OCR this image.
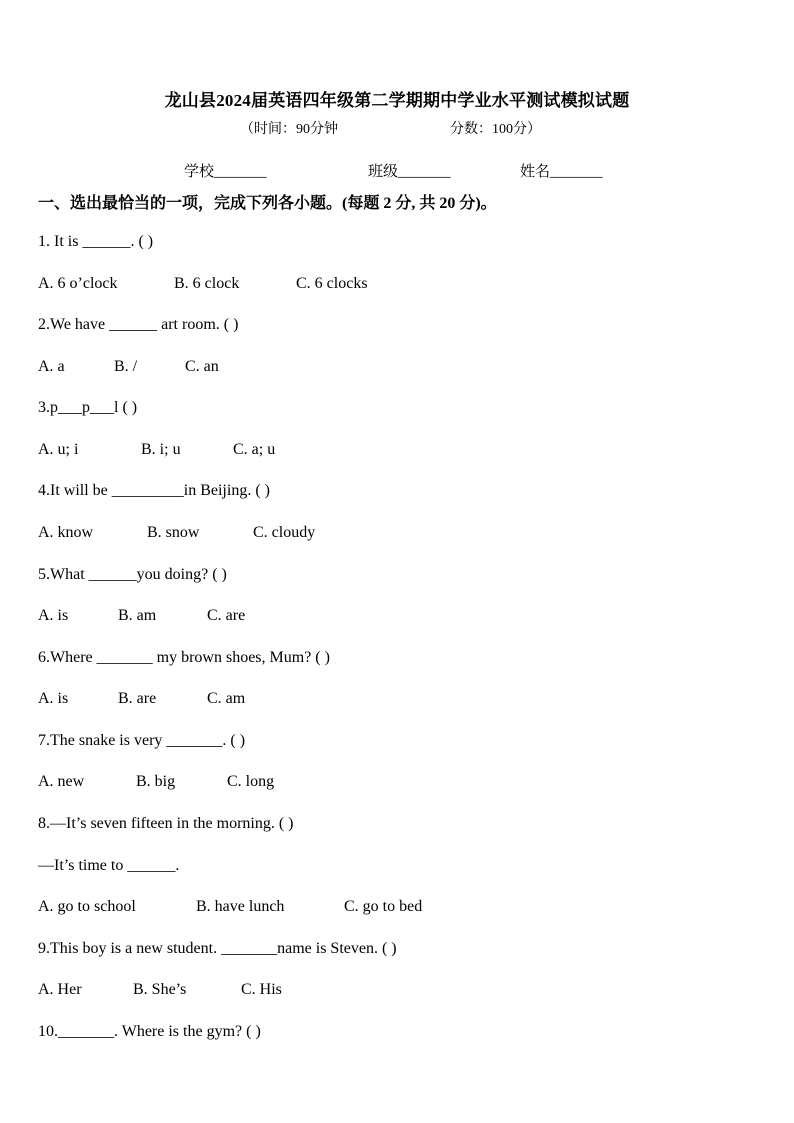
龙山县2024届英语四年级第二学期期中学业水平测试模拟试题
（时间：90分钟	分数：100分）
学校_______	班级_______	姓名_______
一、选出最恰当的一项，完成下列各小题。(每题 2 分, 共 20 分)。
1. It is ______. ( )
A. 6 o’clock	B. 6 clock	C. 6 clocks
2.We have ______ art room. ( )
A. a	B. /	C. an
3.p___p___l ( )
A. u; i	B. i; u	C. a; u
4.It will be _________in Beijing. ( )
A. know	B. snow	C. cloudy
5.What ______you doing? ( )
A. is	B. am	C. are
6.Where _______ my brown shoes, Mum? ( )
A. is	B. are	C. am
7.The snake is very _______. ( )
A. new	B. big	C. long
8.—It’s seven fifteen in the morning. ( )
—It’s time to ______.
A. go to school	B. have lunch	C. go to bed
9.This boy is a new student. _______name is Steven. ( )
A. Her	B. She’s	C. His
10._______. Where is the gym? ( )
